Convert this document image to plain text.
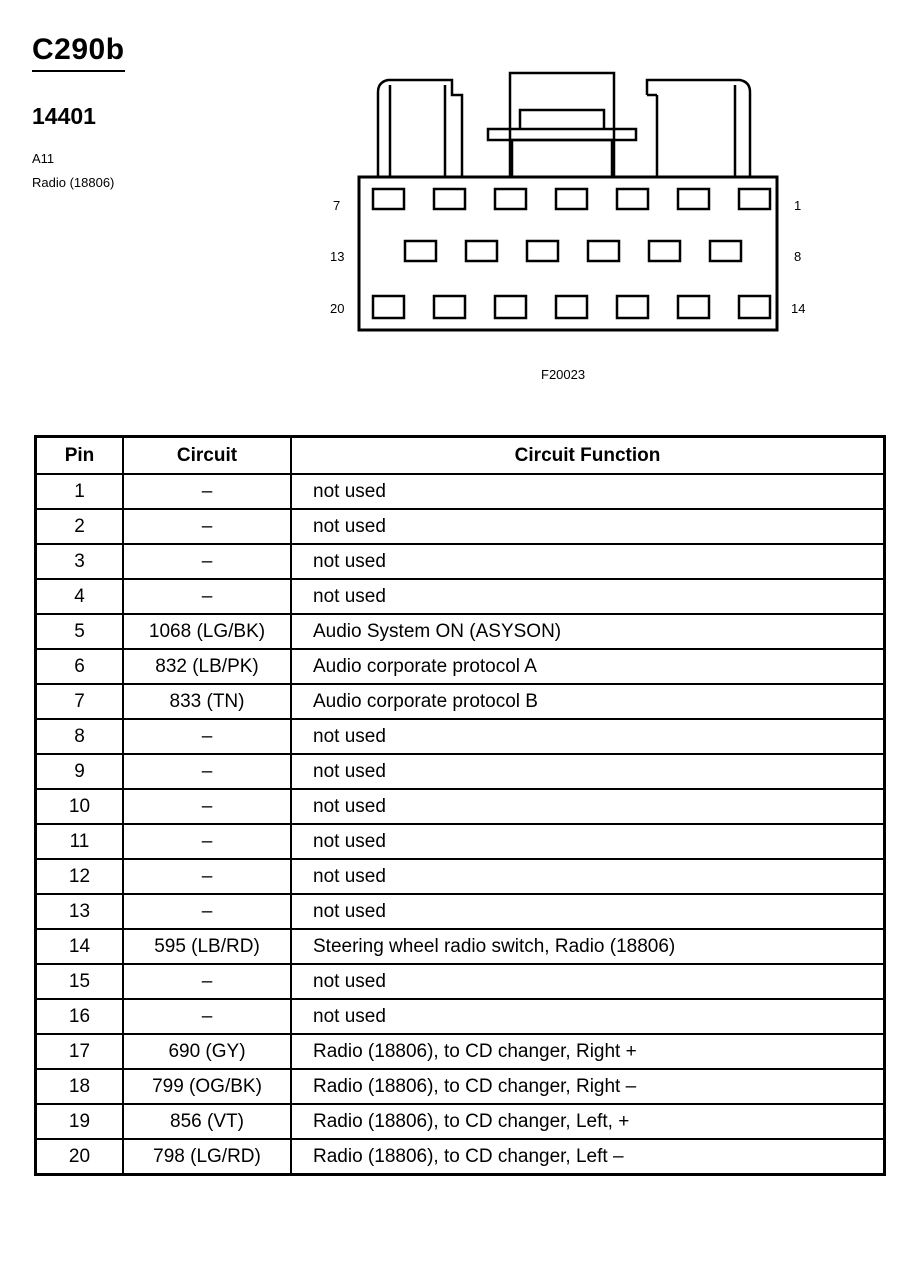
C290b
14401
A11
Radio (18806)
7	1
13	8
20	14
F20023
Pin	Circuit	Circuit Function
1	–	not used
2	–	not used
3	–	not used
4	–	not used
5	1068 (LG/BK)	Audio System ON (ASYSON)
6	832 (LB/PK)	Audio corporate protocol A
7	833 (TN)	Audio corporate protocol B
8	–	not used
9	–	not used
10	–	not used
11	–	not used
12	–	not used
13	–	not used
14	595 (LB/RD)	Steering wheel radio switch, Radio (18806)
15	–	not used
16	–	not used
17	690 (GY)	Radio (18806), to CD changer, Right +
18	799 (OG/BK)	Radio (18806), to CD changer, Right –
19	856 (VT)	Radio (18806), to CD changer, Left, +
20	798 (LG/RD)	Radio (18806), to CD changer, Left –
